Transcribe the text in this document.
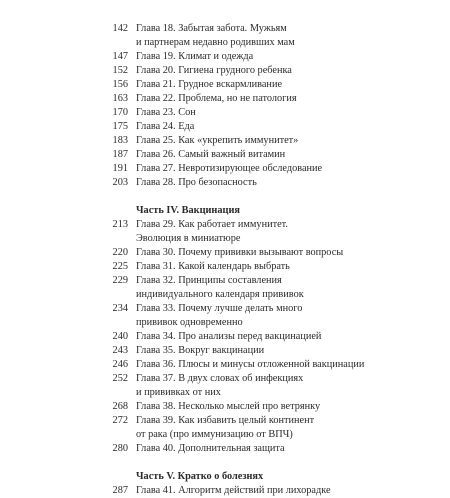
142 Глава 18. Забытая забота. Мужьям
и партнерам недавно родивших мам
147 Глава 19. Климат и одежда
152 Глава 20. Гигиена грудного ребенка
156 Глава 21. Грудное вскармливание
163 Глава 22. Проблема, но не патология
170 Глава 23. Сон
175 Глава 24. Еда
183 Глава 25. Как «укрепить иммунитет»
187 Глава 26. Самый важный витамин
191 Глава 27. Невротизирующее обследование
203 Глава 28. Про безопасность
Часть IV. Вакцинация
213 Глава 29. Как работает иммунитет.
Эволюция в миниатюре
220 Глава 30. Почему прививки вызывают вопросы
225 Глава 31. Какой календарь выбрать
229 Глава 32. Принципы составления
индивидуального календаря прививок
234 Глава 33. Почему лучше делать много
прививок одновременно
240 Глава 34. Про анализы перед вакцинацией
243 Глава 35. Вокруг вакцинации
246 Глава 36. Плюсы и минусы отложенной вакцинации
252 Глава 37. В двух словах об инфекциях
и прививках от них
268 Глава 38. Несколько мыслей про ветрянку
272 Глава 39. Как избавить целый континент
от рака (про иммунизацию от ВПЧ)
280 Глава 40. Дополнительная защита
Часть V. Кратко о болезнях
287 Глава 41. Алгоритм действий при лихорадке
